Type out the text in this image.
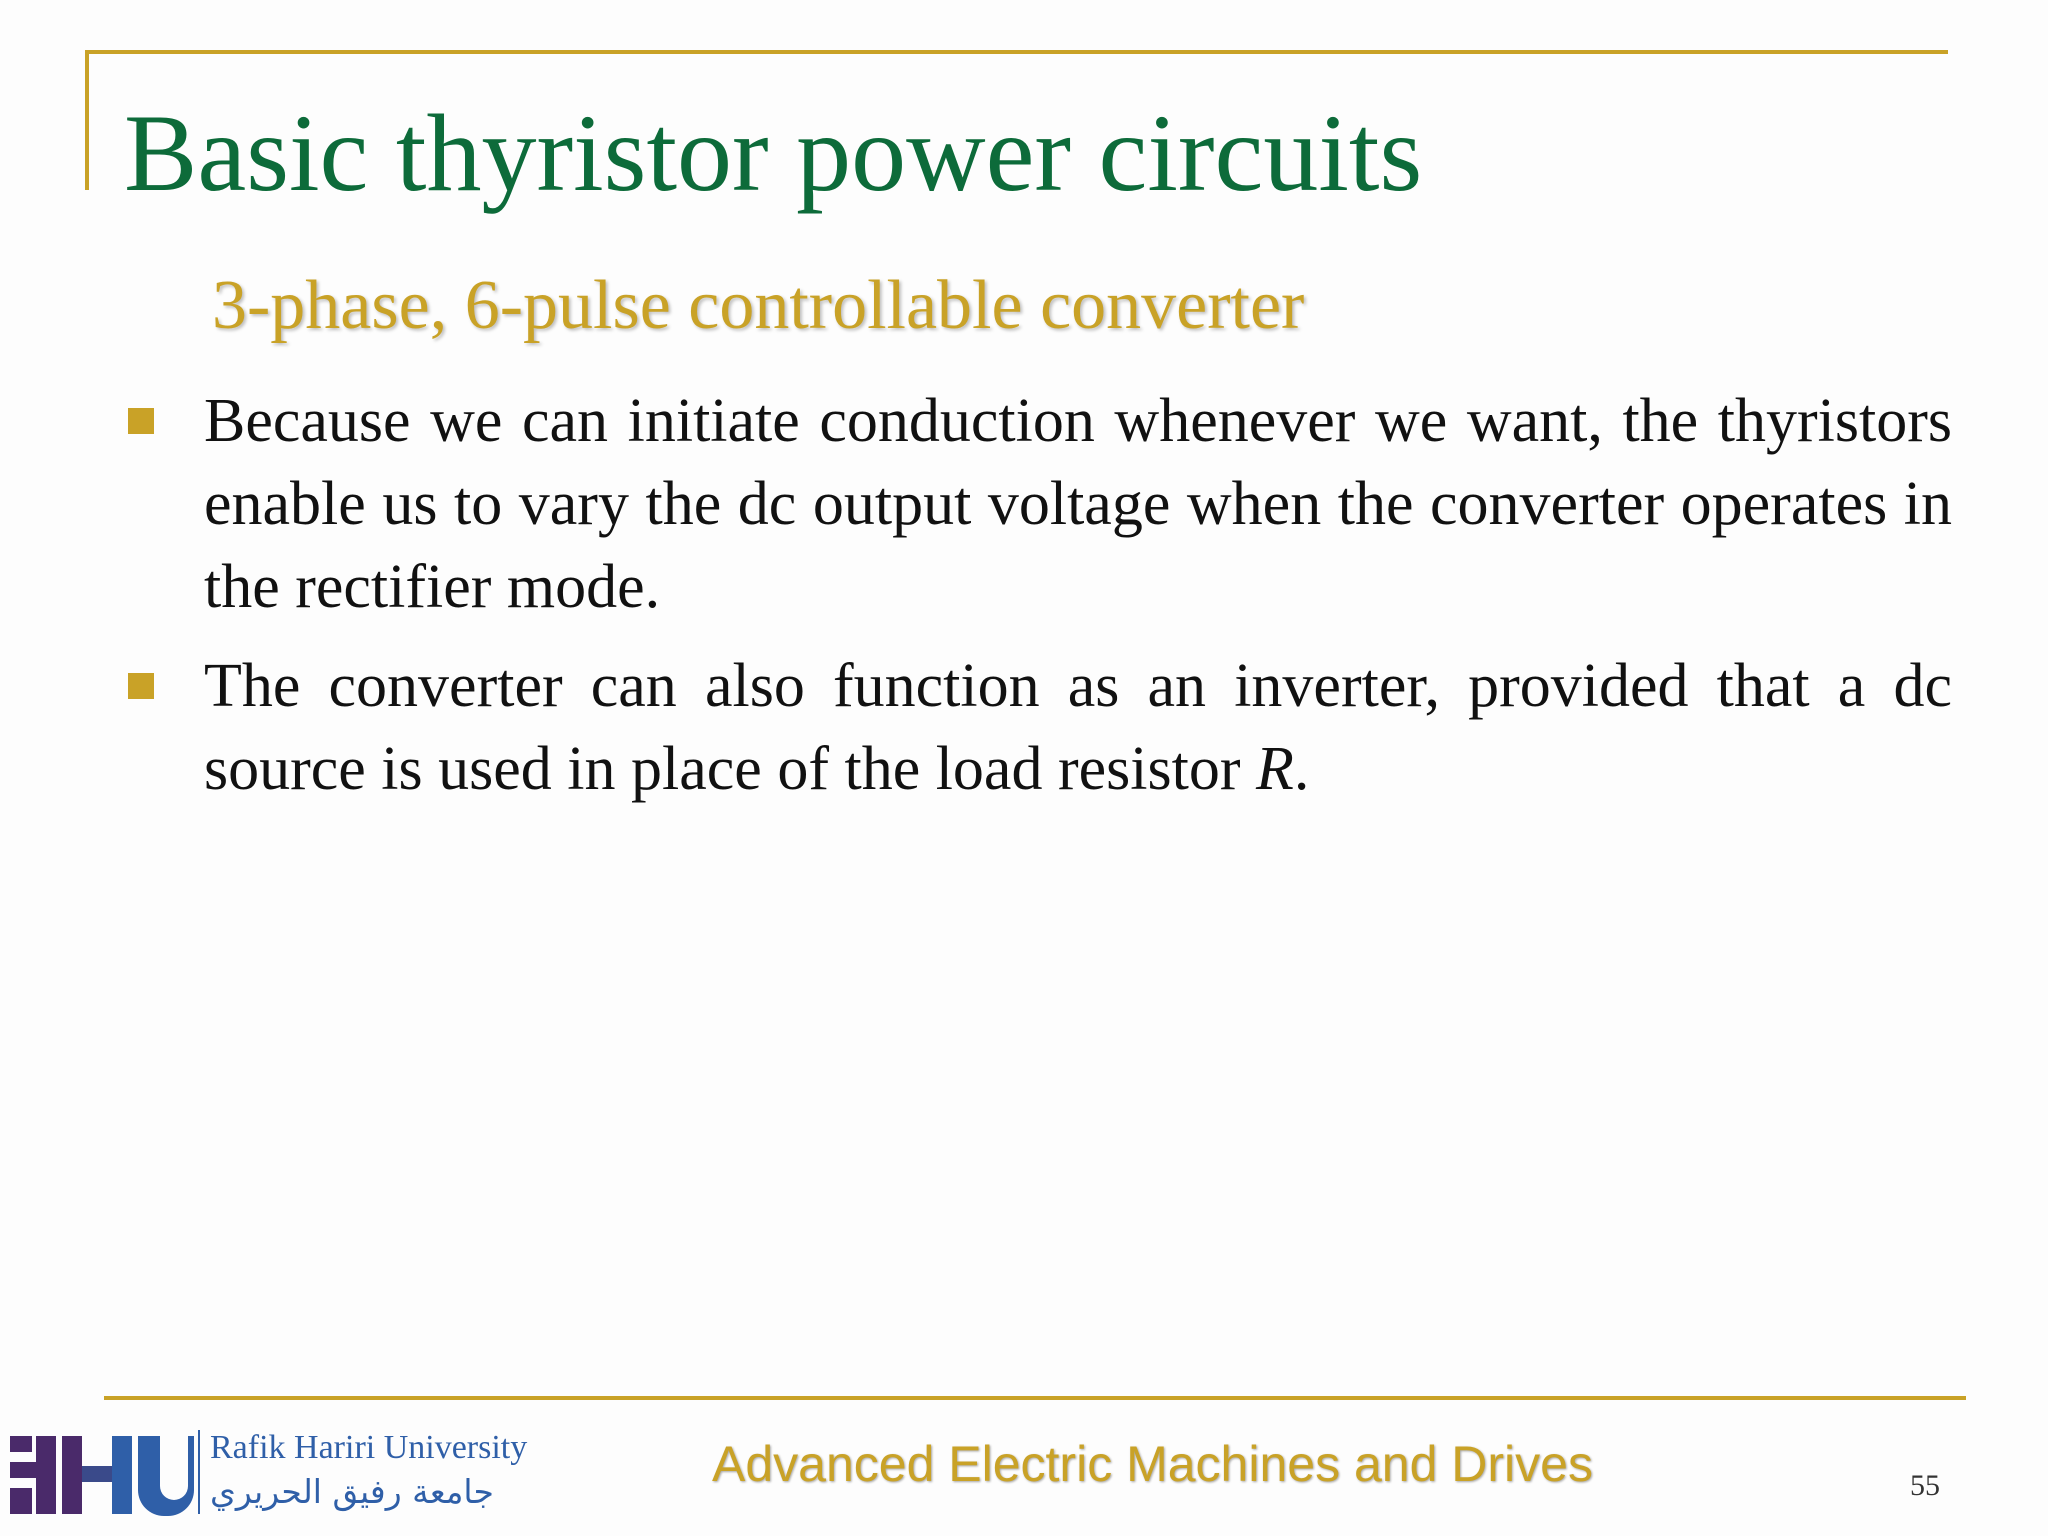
Basic thyristor power circuits
3-phase, 6-pulse controllable converter
Because we can initiate conduction whenever we want, the thyristors enable us to vary the dc output voltage when the converter operates in the rectifier mode.
The converter can also function as an inverter, provided that a dc source is used in place of the load resistor R.
Rafik Hariri University
جامعة رفيق الحريري	Advanced Electric Machines and Drives	55
